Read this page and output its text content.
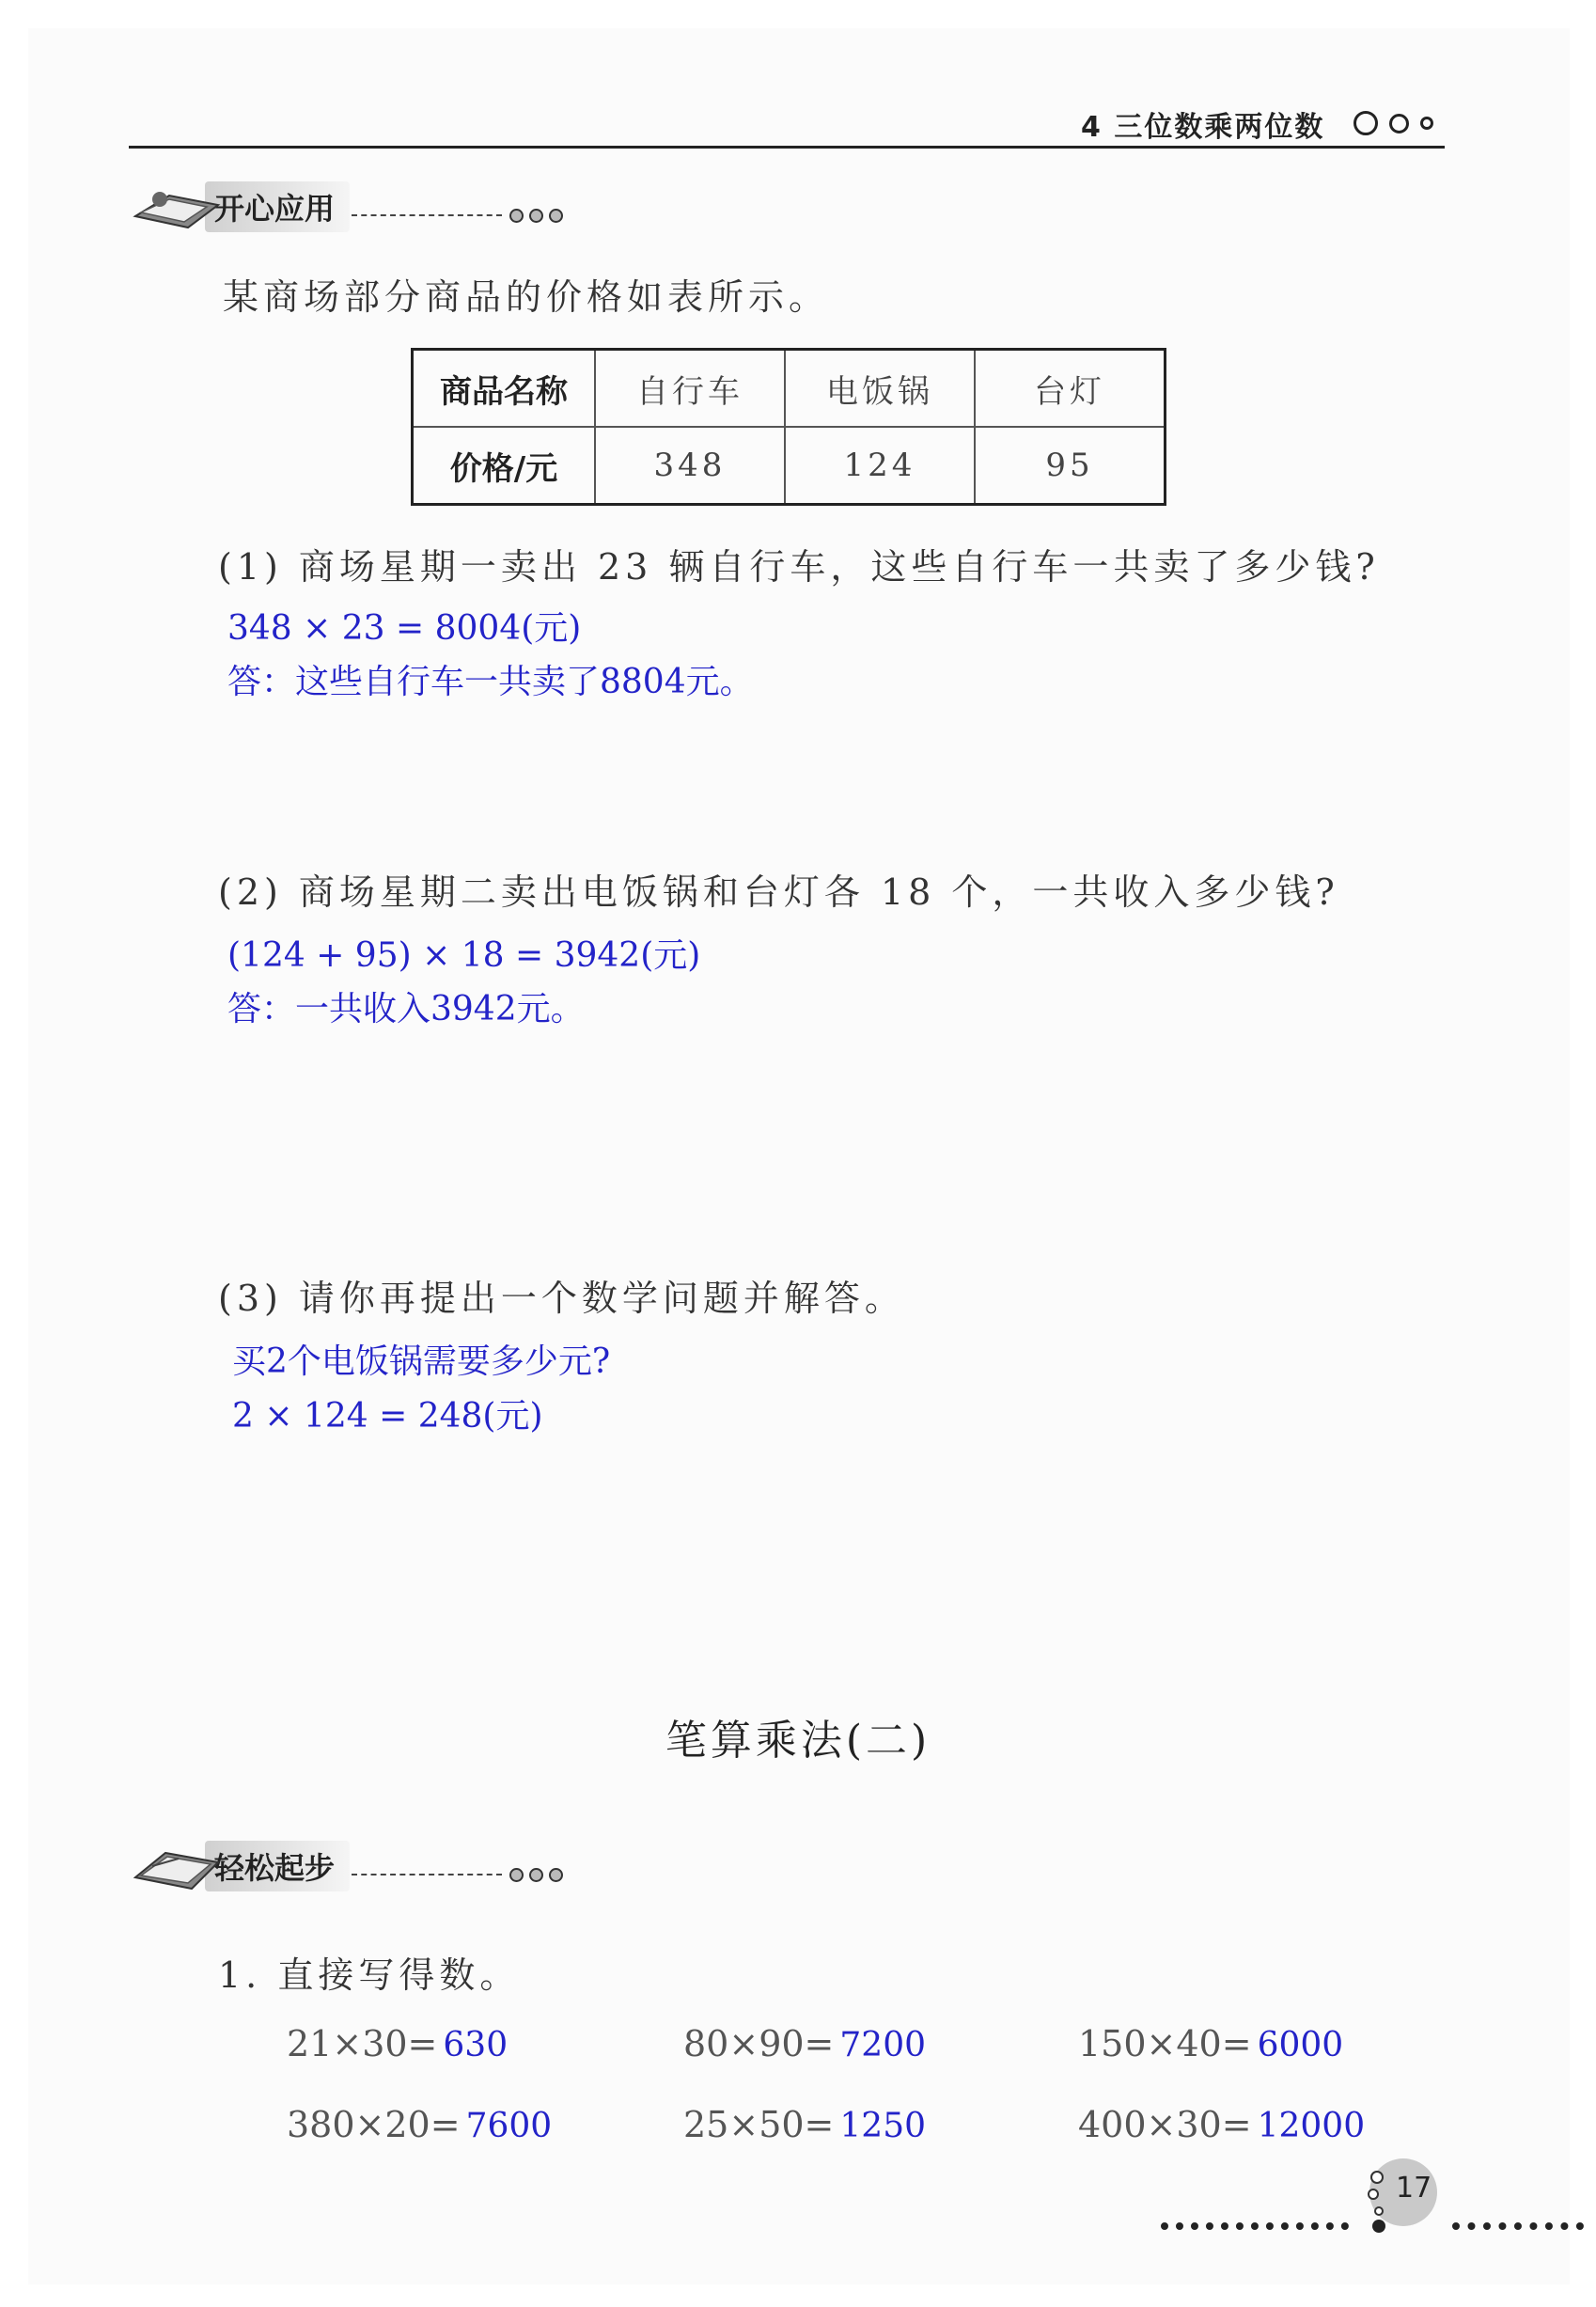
4 三位数乘两位数
开心应用
某商场部分商品的价格如表所示。
商品名称	自行车	电饭锅	台灯
价格/元	348	124	95
(1) 商场星期一卖出 23 辆自行车，这些自行车一共卖了多少钱?
348 × 23 = 8004(元)
答：这些自行车一共卖了8804元。
(2) 商场星期二卖出电饭锅和台灯各 18 个，一共收入多少钱?
(124 + 95) × 18 = 3942(元)
答：一共收入3942元。
(3) 请你再提出一个数学问题并解答。
买2个电饭锅需要多少元?
2 × 124 = 248(元)
笔算乘法(二)
轻松起步
1. 直接写得数。
21×30= 630	80×90= 7200	150×40= 6000
380×20= 7600	25×50= 1250	400×30= 12000
17
